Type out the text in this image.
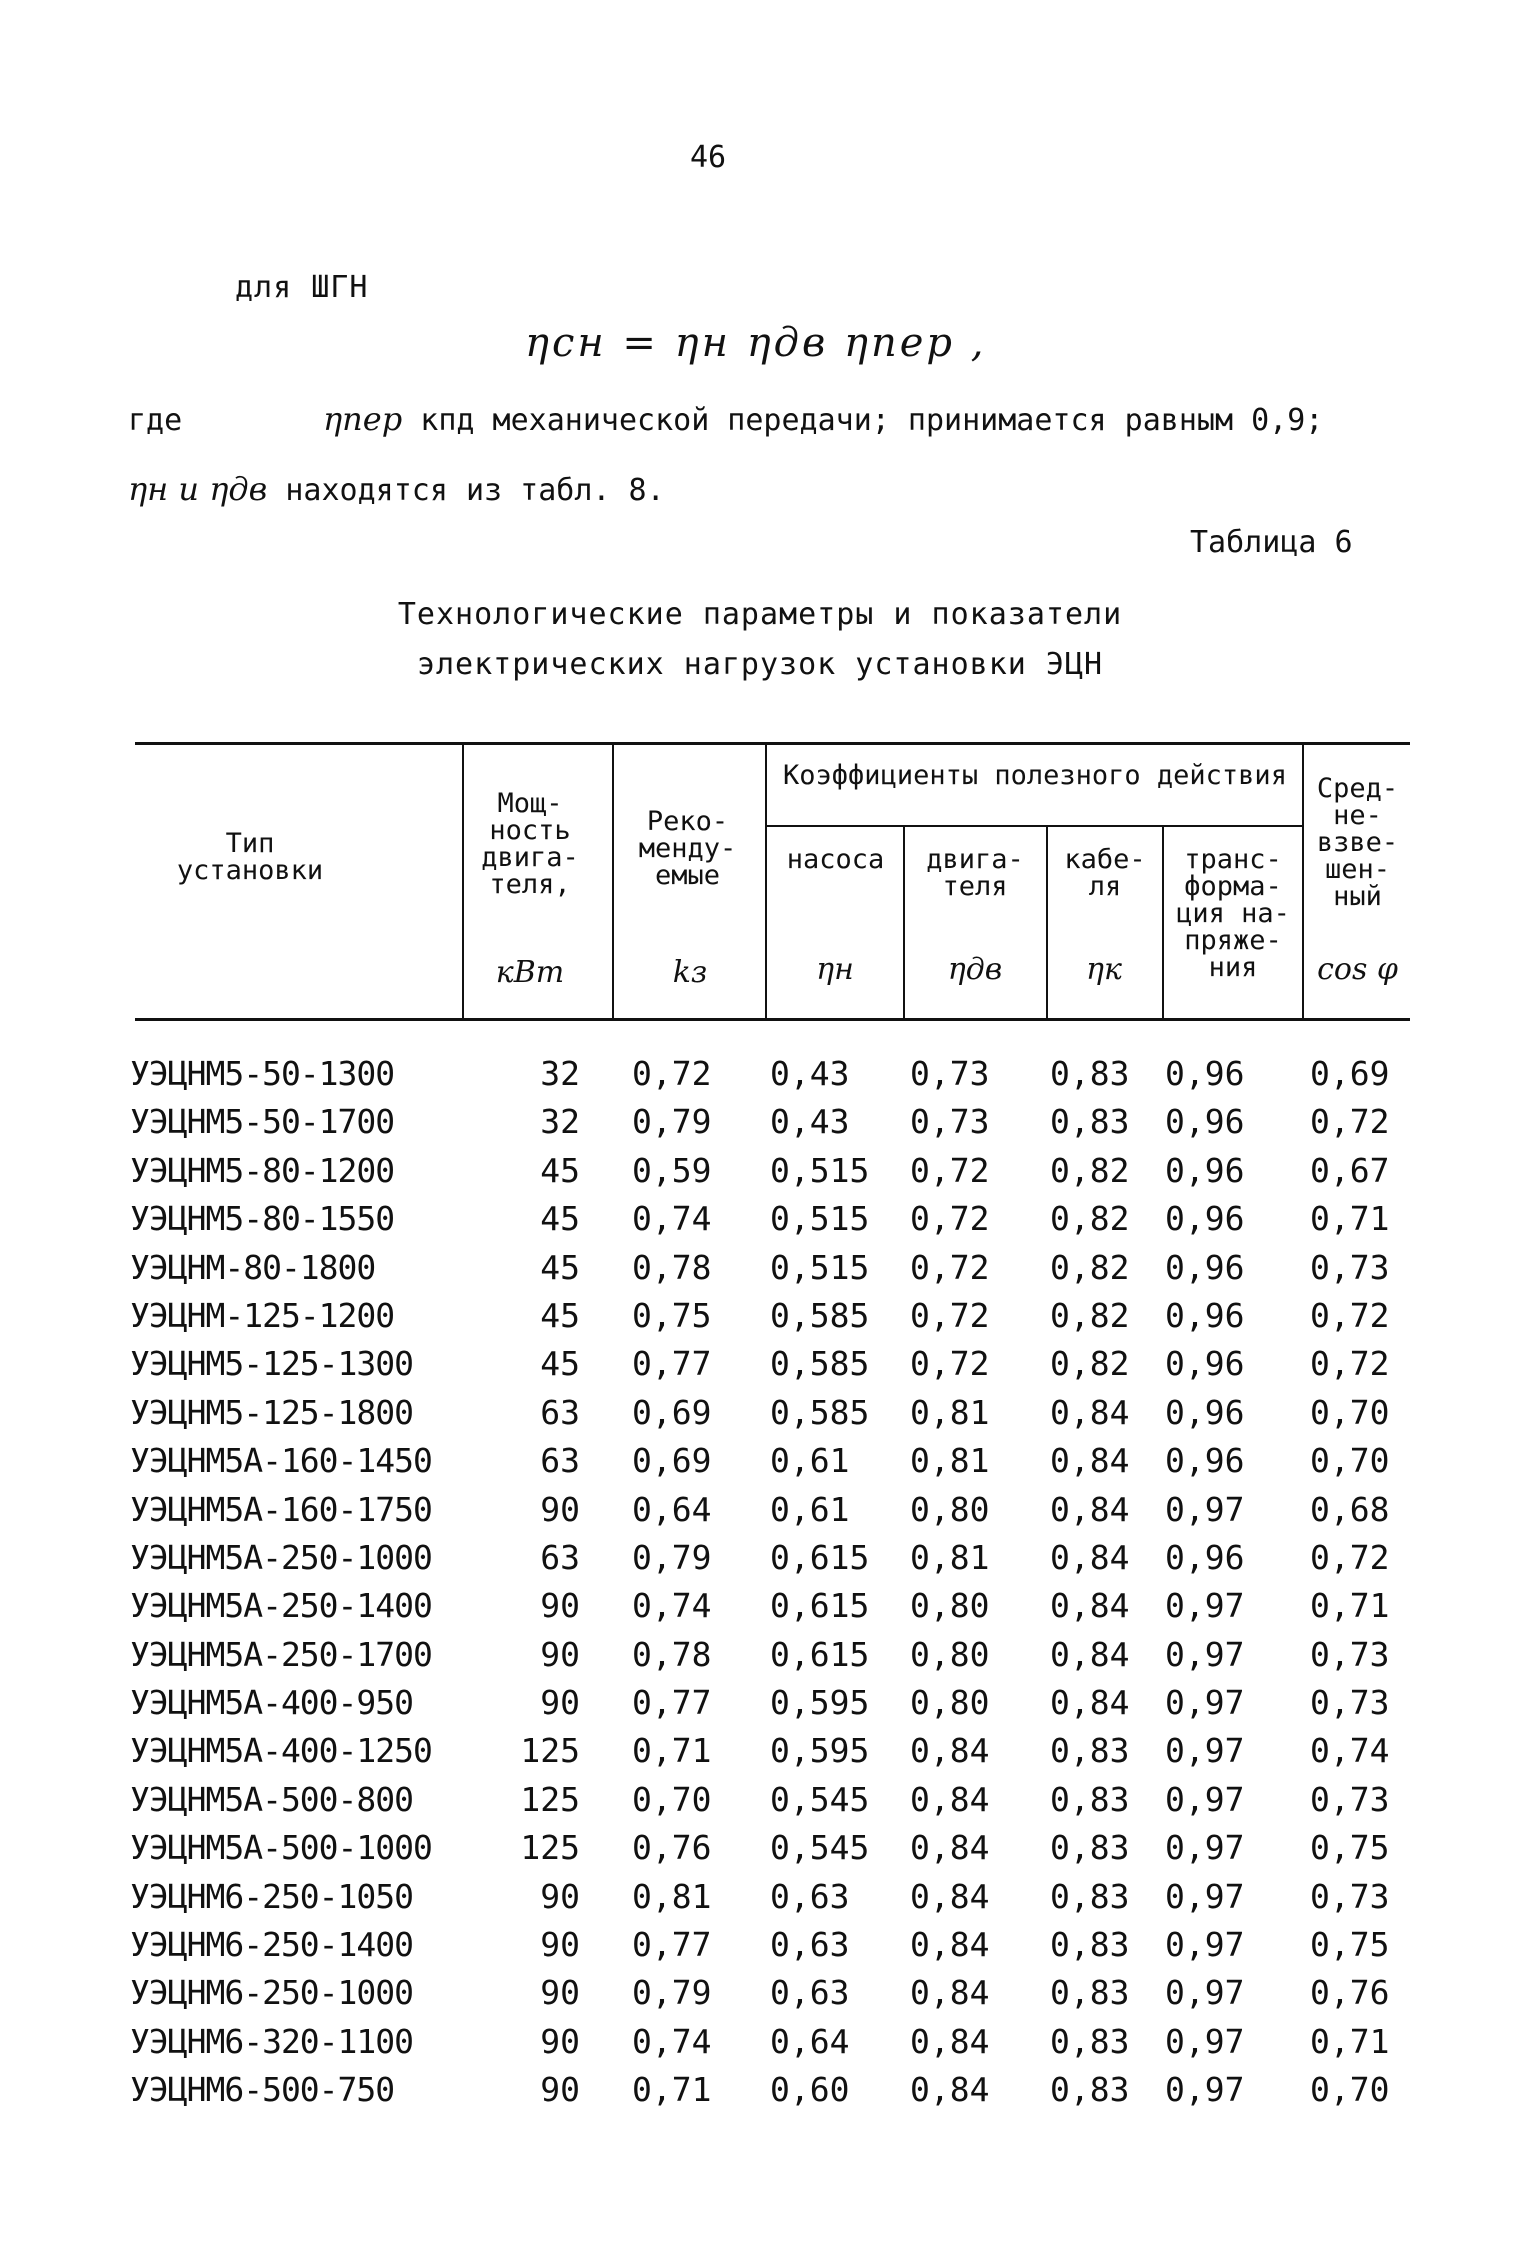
46
для ШГН
ηсн = ηн ηдв ηпер ,
где	ηпер кпд механической передачи; принимается равным 0,9;
ηн и ηдв находятся из табл. 8.
Таблица 6
Технологические параметры и показатели
электрических нагрузок установки ЭЦН
Тип установки
Мощ- ность двига- теля,
кВт
Реко- менду- емые
kз
Коэффициенты полезного действия
насоса
ηн
двига- теля
ηдв
кабе- ля
ηк
транс- форма- ция на- пряже- ния
Сред- не- взве- шен- ный
cos φ
УЭЦНМ5-50-1300	32 0,72 0,43 0,73 0,83 0,96 0,69
УЭЦНМ5-50-1700	32 0,79 0,43 0,73 0,83 0,96 0,72
УЭЦНМ5-80-1200	45 0,59 0,515 0,72 0,82 0,96 0,67
УЭЦНМ5-80-1550	45 0,74 0,515 0,72 0,82 0,96 0,71
УЭЦНМ-80-1800	45 0,78 0,515 0,72 0,82 0,96 0,73
УЭЦНМ-125-1200	45 0,75 0,585 0,72 0,82 0,96 0,72
УЭЦНМ5-125-1300	45 0,77 0,585 0,72 0,82 0,96 0,72
УЭЦНМ5-125-1800	63 0,69 0,585 0,81 0,84 0,96 0,70
УЭЦНМ5А-160-1450	63 0,69 0,61 0,81 0,84 0,96 0,70
УЭЦНМ5А-160-1750	90 0,64 0,61 0,80 0,84 0,97 0,68
УЭЦНМ5А-250-1000	63 0,79 0,615 0,81 0,84 0,96 0,72
УЭЦНМ5А-250-1400	90 0,74 0,615 0,80 0,84 0,97 0,71
УЭЦНМ5А-250-1700	90 0,78 0,615 0,80 0,84 0,97 0,73
УЭЦНМ5А-400-950	90 0,77 0,595 0,80 0,84 0,97 0,73
УЭЦНМ5А-400-1250	125 0,71 0,595 0,84 0,83 0,97 0,74
УЭЦНМ5А-500-800	125 0,70 0,545 0,84 0,83 0,97 0,73
УЭЦНМ5А-500-1000	125 0,76 0,545 0,84 0,83 0,97 0,75
УЭЦНМ6-250-1050	90 0,81 0,63 0,84 0,83 0,97 0,73
УЭЦНМ6-250-1400	90 0,77 0,63 0,84 0,83 0,97 0,75
УЭЦНМ6-250-1000	90 0,79 0,63 0,84 0,83 0,97 0,76
УЭЦНМ6-320-1100	90 0,74 0,64 0,84 0,83 0,97 0,71
УЭЦНМ6-500-750	90 0,71 0,60 0,84 0,83 0,97 0,70
